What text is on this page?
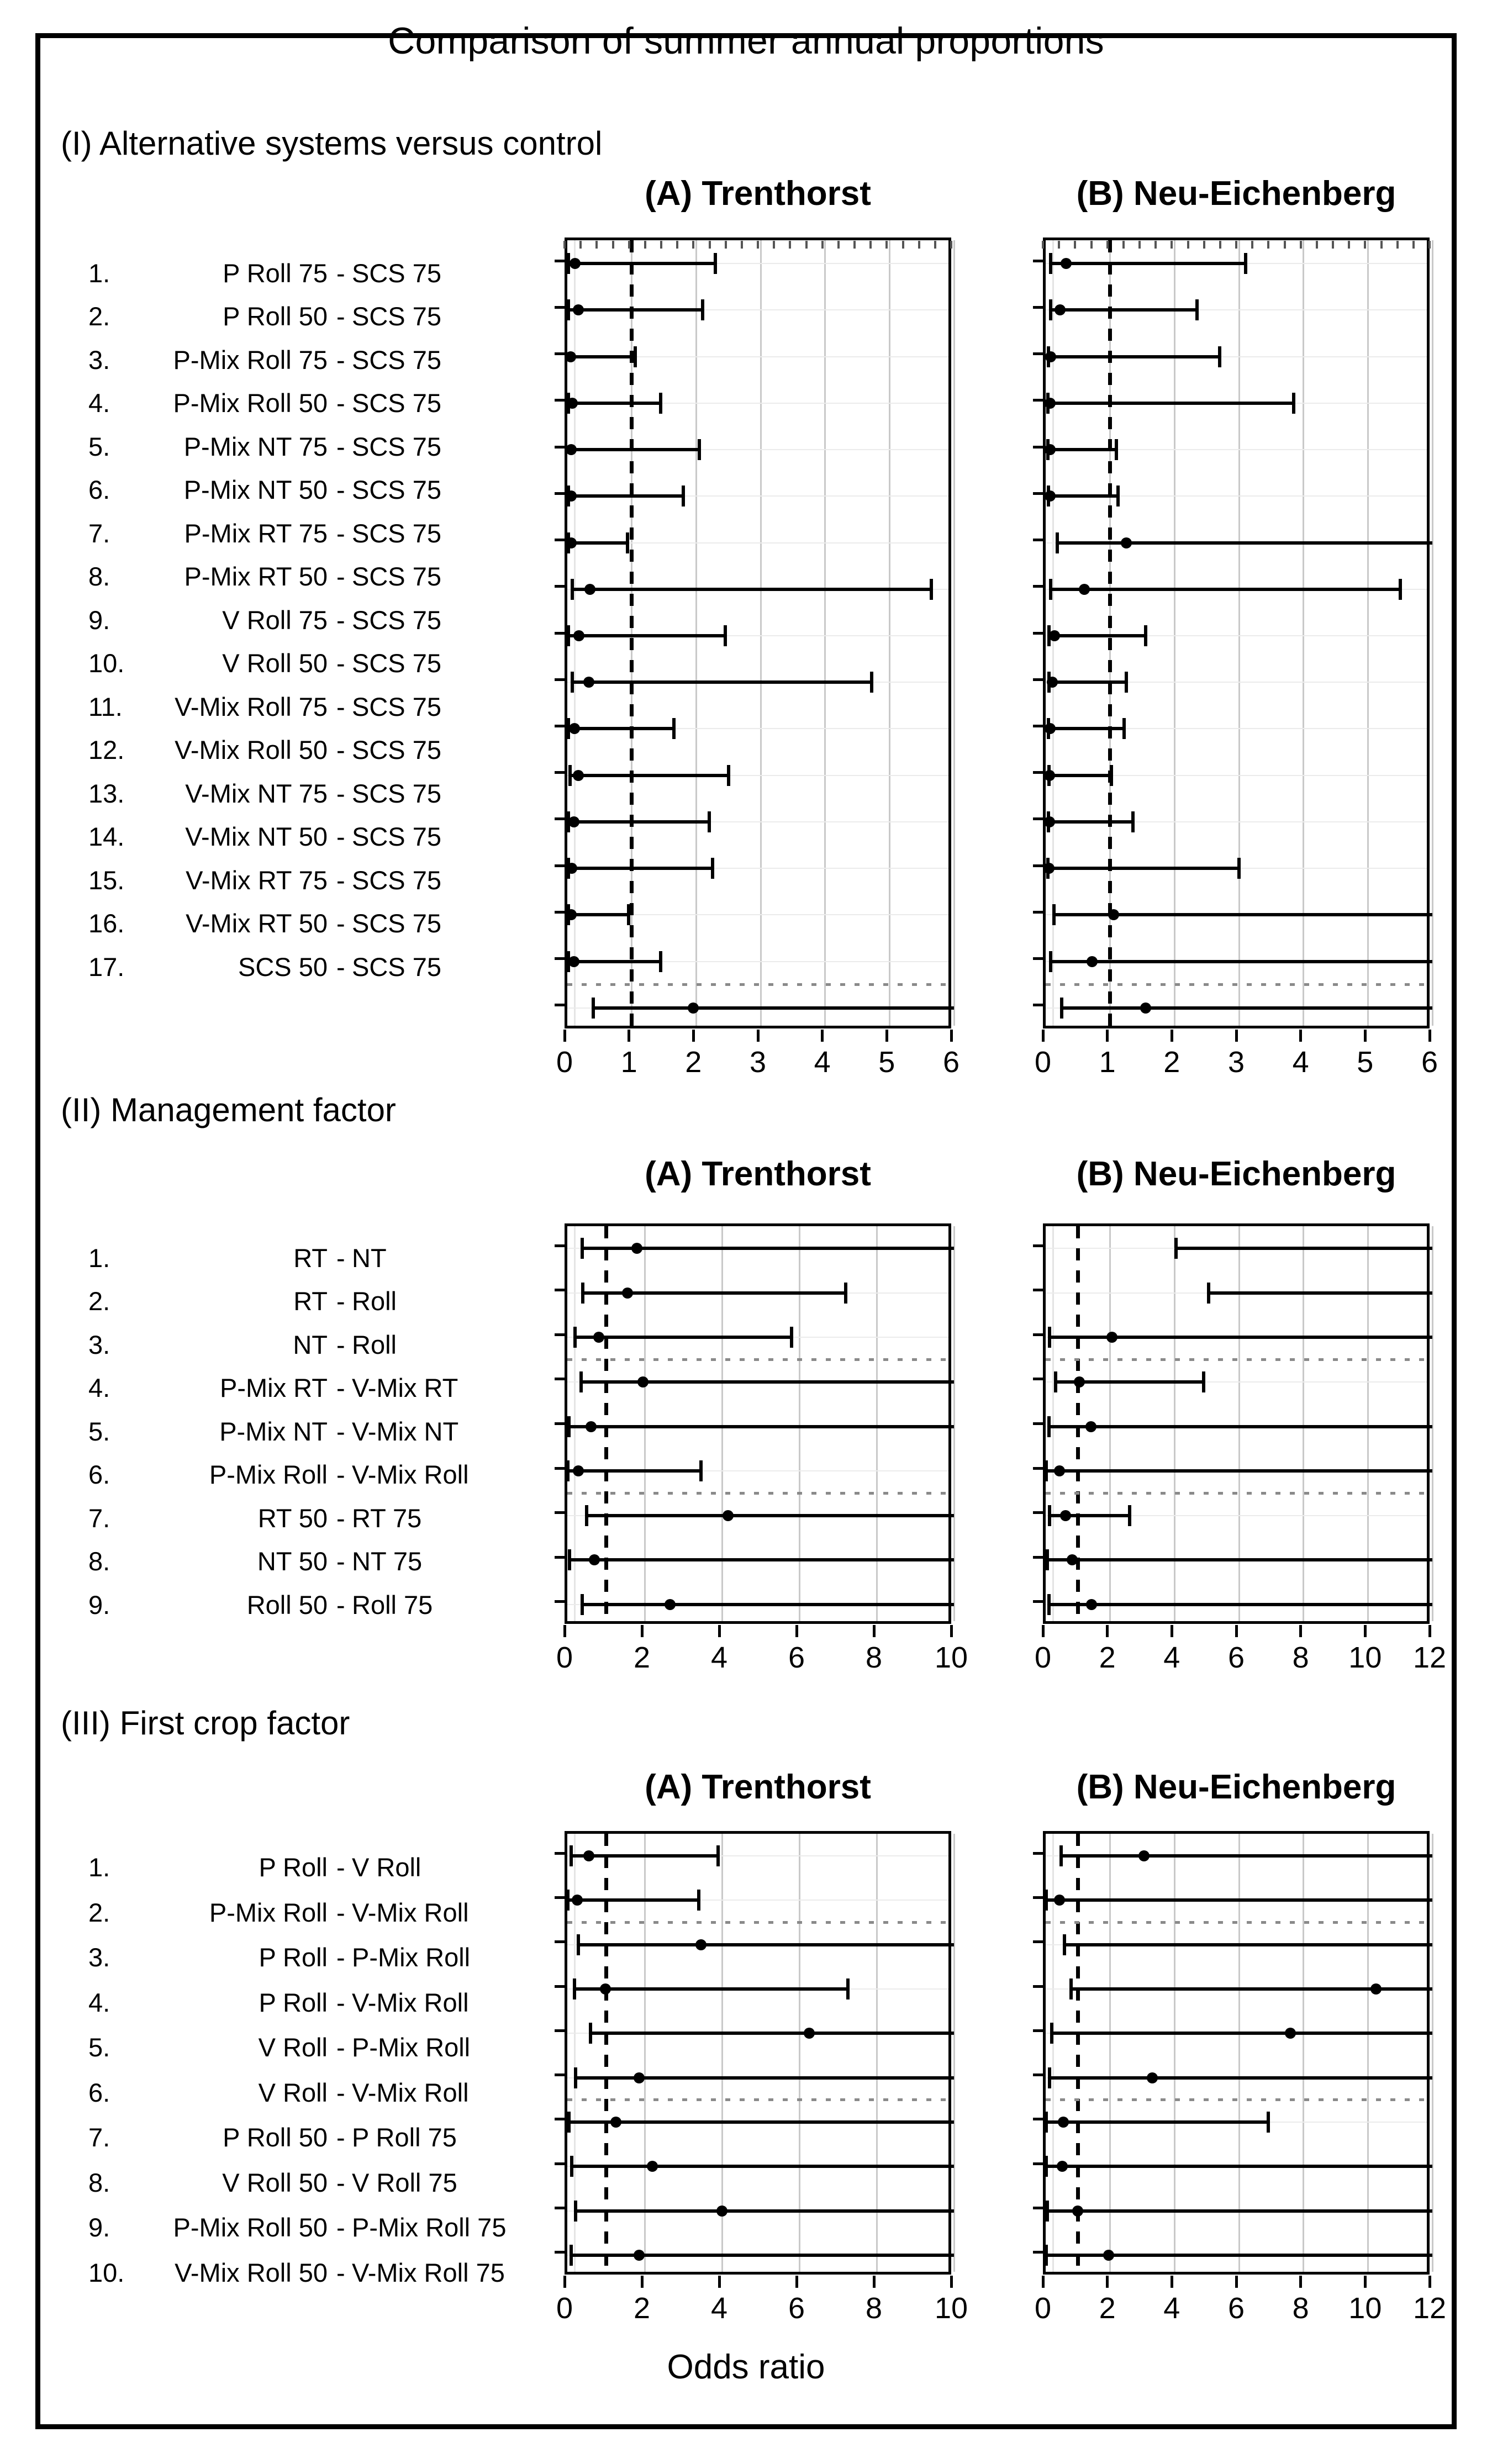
Comparison of summer annual proportions
(I) Alternative systems versus control
1.	P Roll 75 - SCS 75
2.	P Roll 50 - SCS 75
3.	P-Mix Roll 75 - SCS 75
4.	P-Mix Roll 50 - SCS 75
5.	P-Mix NT 75 - SCS 75
6.	P-Mix NT 50 - SCS 75
7.	P-Mix RT 75 - SCS 75
8.	P-Mix RT 50 - SCS 75
9.	V Roll 75 - SCS 75
10.	V Roll 50 - SCS 75
11.	V-Mix Roll 75 - SCS 75
12.	V-Mix Roll 50 - SCS 75
13.	V-Mix NT 75 - SCS 75
14.	V-Mix NT 50 - SCS 75
15.	V-Mix RT 75 - SCS 75
16.	V-Mix RT 50 - SCS 75
17.	SCS 50 - SCS 75
(A) Trenthorst
0 1 2 3 4 5 6
(B) Neu-Eichenberg
0 1 2 3 4 5 6
(II) Management factor
1.	RT - NT
2.	RT - Roll
3.	NT - Roll
4.	P-Mix RT - V-Mix RT
5.	P-Mix NT - V-Mix NT
6.	P-Mix Roll - V-Mix Roll
7.	RT 50 - RT 75
8.	NT 50 - NT 75
9.	Roll 50 - Roll 75
(A) Trenthorst
0 2 4 6 8 10
(B) Neu-Eichenberg
0 2 4 6 8 10 12
(III) First crop factor
1.	P Roll - V Roll
2.	P-Mix Roll - V-Mix Roll
3.	P Roll - P-Mix Roll
4.	P Roll - V-Mix Roll
5.	V Roll - P-Mix Roll
6.	V Roll - V-Mix Roll
7.	P Roll 50 - P Roll 75
8.	V Roll 50 - V Roll 75
9.	P-Mix Roll 50 - P-Mix Roll 75
10.	V-Mix Roll 50 - V-Mix Roll 75
(A) Trenthorst
0 2 4 6 8 10
(B) Neu-Eichenberg
0 2 4 6 8 10 12
Odds ratio
